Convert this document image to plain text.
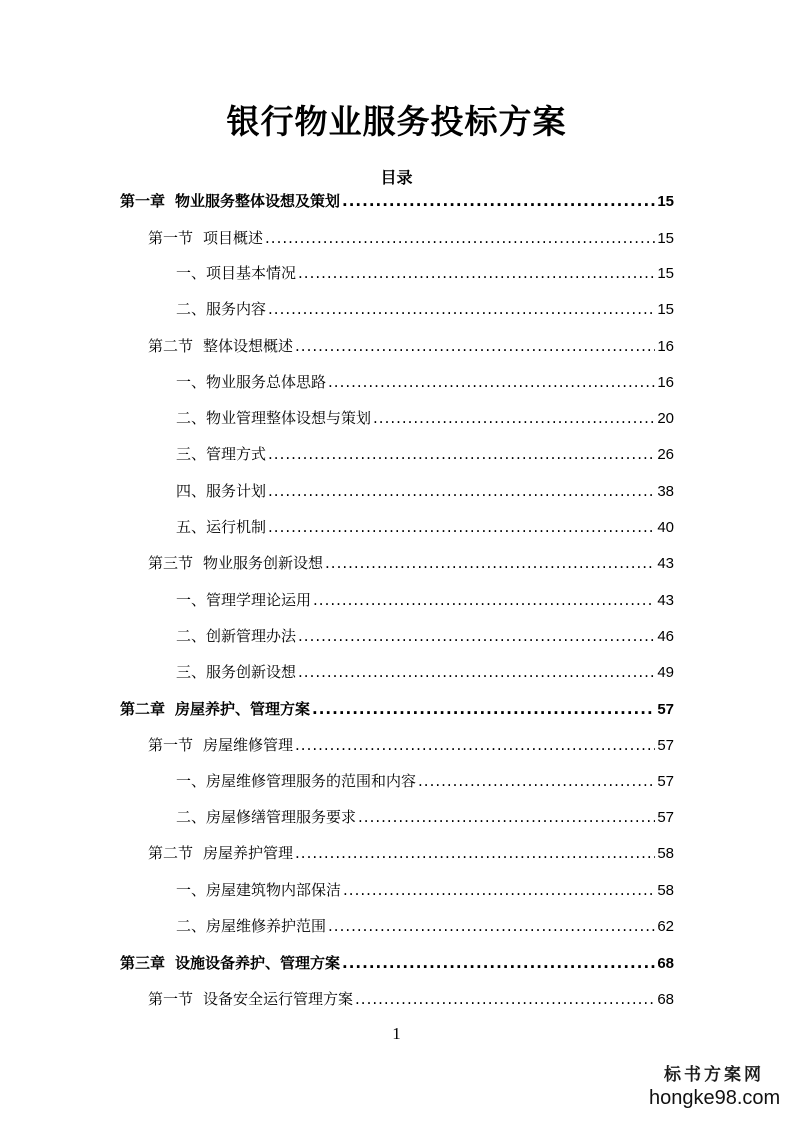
银行物业服务投标方案
目录
第一章 物业服务整体设想及策划 .....	15
第一节 项目概述 .....	15
一、项目基本情况 .....	15
二、服务内容 .....	15
第二节 整体设想概述 .....	16
一、物业服务总体思路 .....	16
二、物业管理整体设想与策划 .....	20
三、管理方式 .....	26
四、服务计划 .....	38
五、运行机制 .....	40
第三节 物业服务创新设想 .....	43
一、管理学理论运用 .....	43
二、创新管理办法 .....	46
三、服务创新设想 .....	49
第二章 房屋养护、管理方案 .....	57
第一节 房屋维修管理 .....	57
一、房屋维修管理服务的范围和内容 .....	57
二、房屋修缮管理服务要求 .....	57
第二节 房屋养护管理 .....	58
一、房屋建筑物内部保洁 .....	58
二、房屋维修养护范围 .....	62
第三章 设施设备养护、管理方案 .....	68
第一节 设备安全运行管理方案 .....	68
1
标书方案网
hongke98.com
